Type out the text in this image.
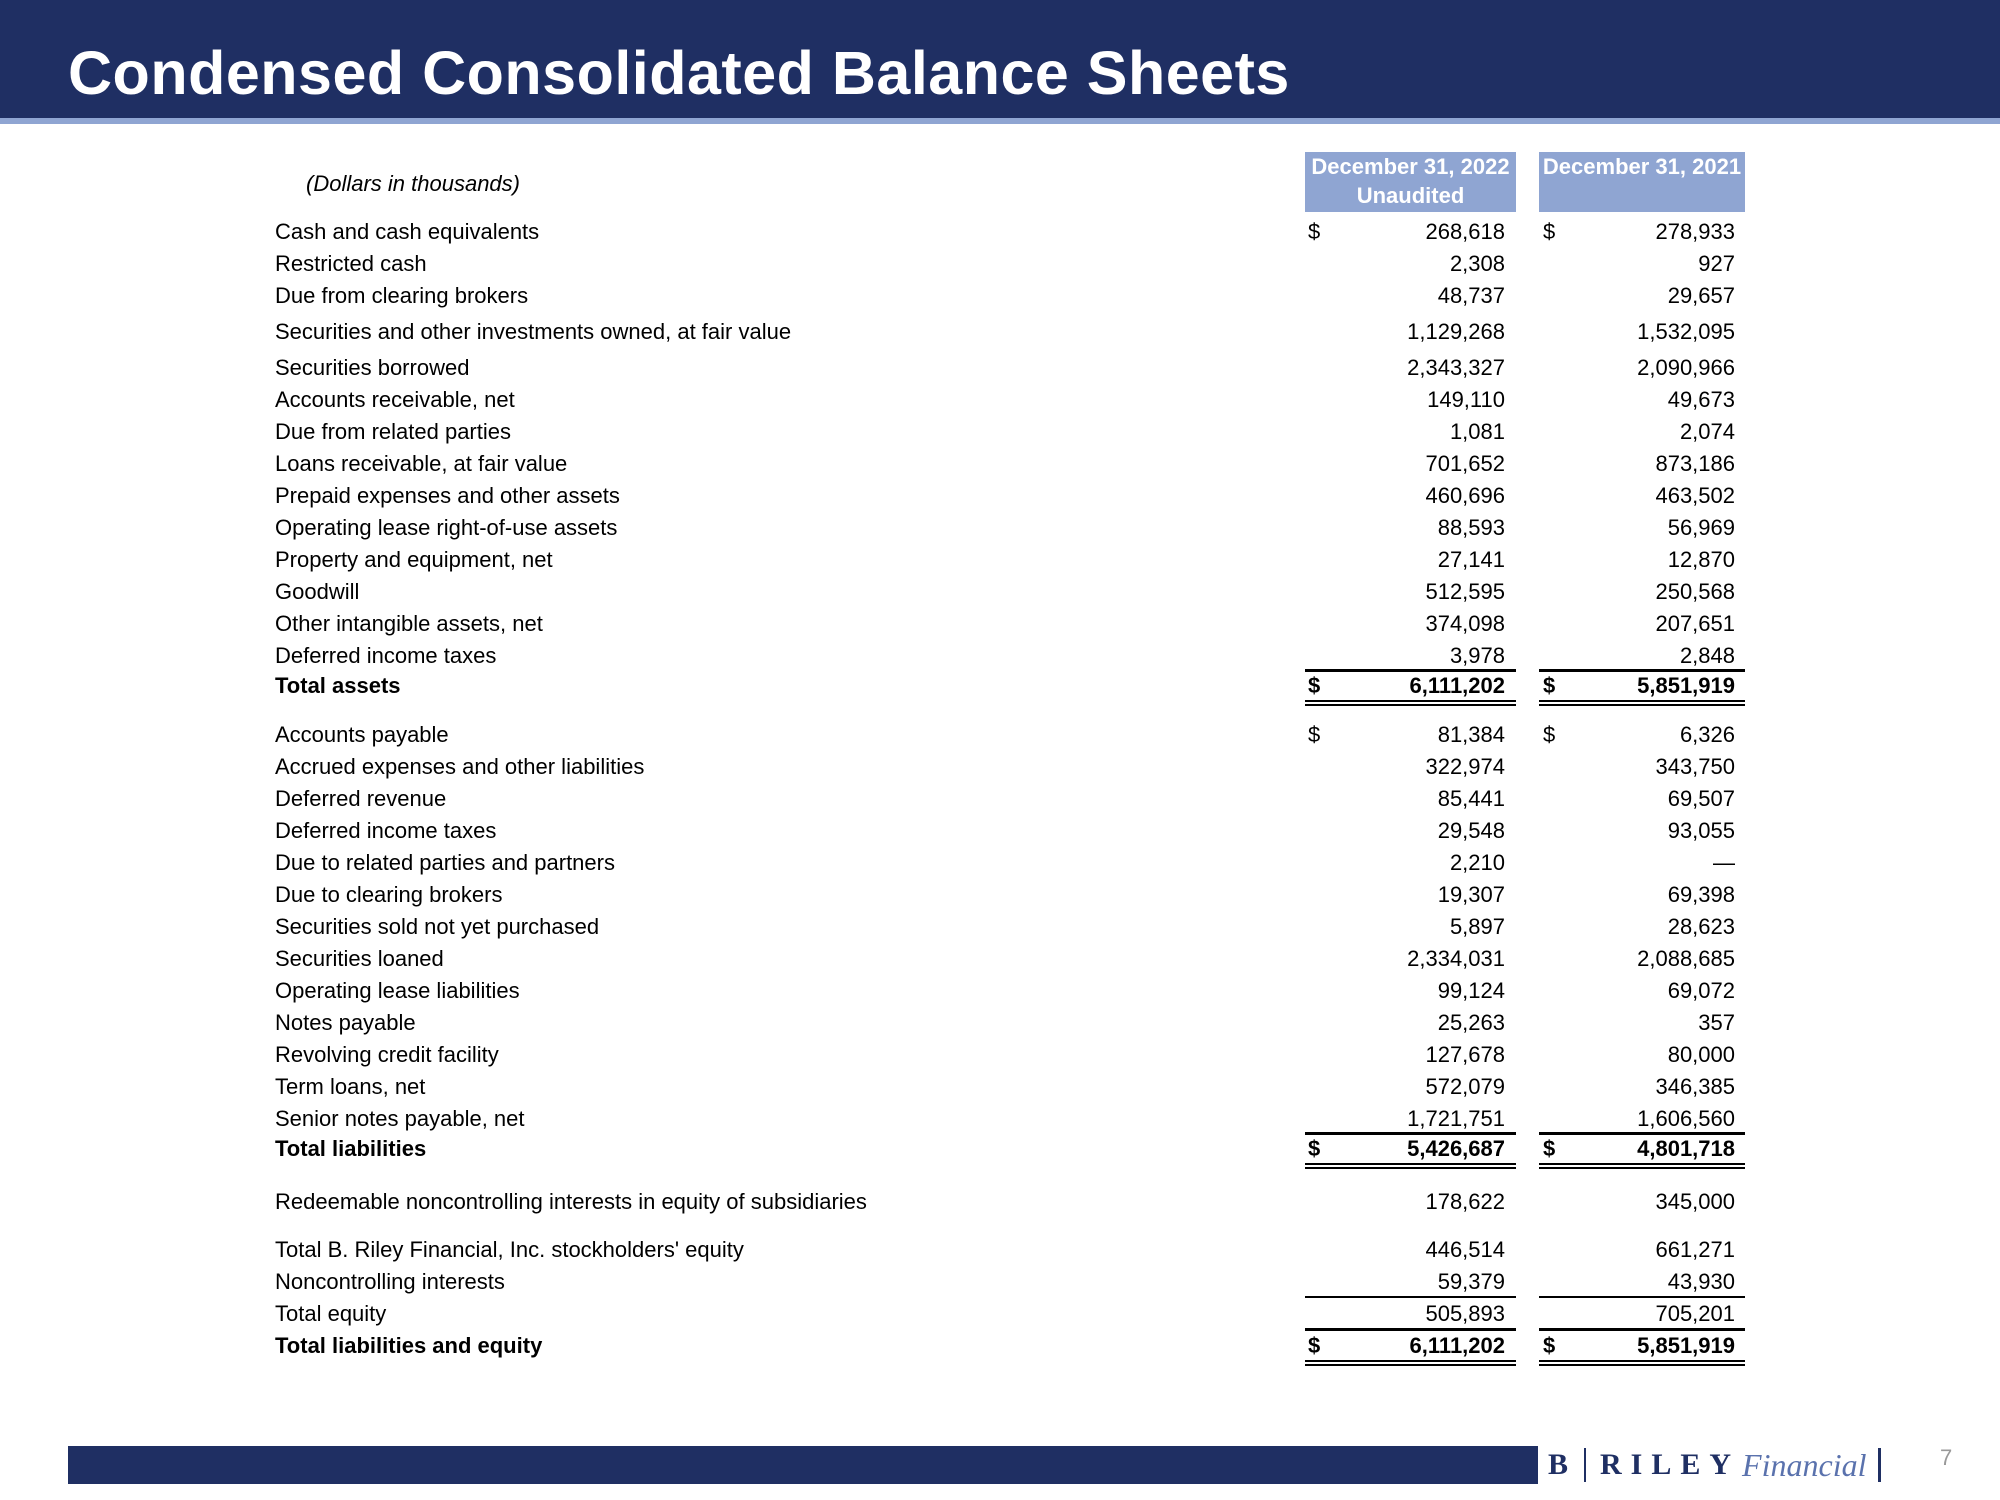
Condensed Consolidated Balance Sheets
(Dollars in thousands)
December 31, 2022
Unaudited
December 31, 2021
Cash and cash equivalents	$	268,618 $	278,933
Restricted cash	2,308	927
Due from clearing brokers	48,737	29,657
Securities and other investments owned, at fair value	1,129,268	1,532,095
Securities borrowed	2,343,327	2,090,966
Accounts receivable, net	149,110	49,673
Due from related parties	1,081	2,074
Loans receivable, at fair value	701,652	873,186
Prepaid expenses and other assets	460,696	463,502
Operating lease right-of-use assets	88,593	56,969
Property and equipment, net	27,141	12,870
Goodwill	512,595	250,568
Other intangible assets, net	374,098	207,651
Deferred income taxes	3,978	2,848
Total assets	$	6,111,202 $	5,851,919
Accounts payable	$	81,384 $	6,326
Accrued expenses and other liabilities	322,974	343,750
Deferred revenue	85,441	69,507
Deferred income taxes	29,548	93,055
Due to related parties and partners	2,210	—
Due to clearing brokers	19,307	69,398
Securities sold not yet purchased	5,897	28,623
Securities loaned	2,334,031	2,088,685
Operating lease liabilities	99,124	69,072
Notes payable	25,263	357
Revolving credit facility	127,678	80,000
Term loans, net	572,079	346,385
Senior notes payable, net	1,721,751	1,606,560
Total liabilities	$	5,426,687 $	4,801,718
Redeemable noncontrolling interests in equity of subsidiaries	178,622	345,000
Total B. Riley Financial, Inc. stockholders' equity	446,514	661,271
Noncontrolling interests	59,379	43,930
Total equity	505,893	705,201
Total liabilities and equity	$	6,111,202 $	5,851,919
B RILEY Financial	7
